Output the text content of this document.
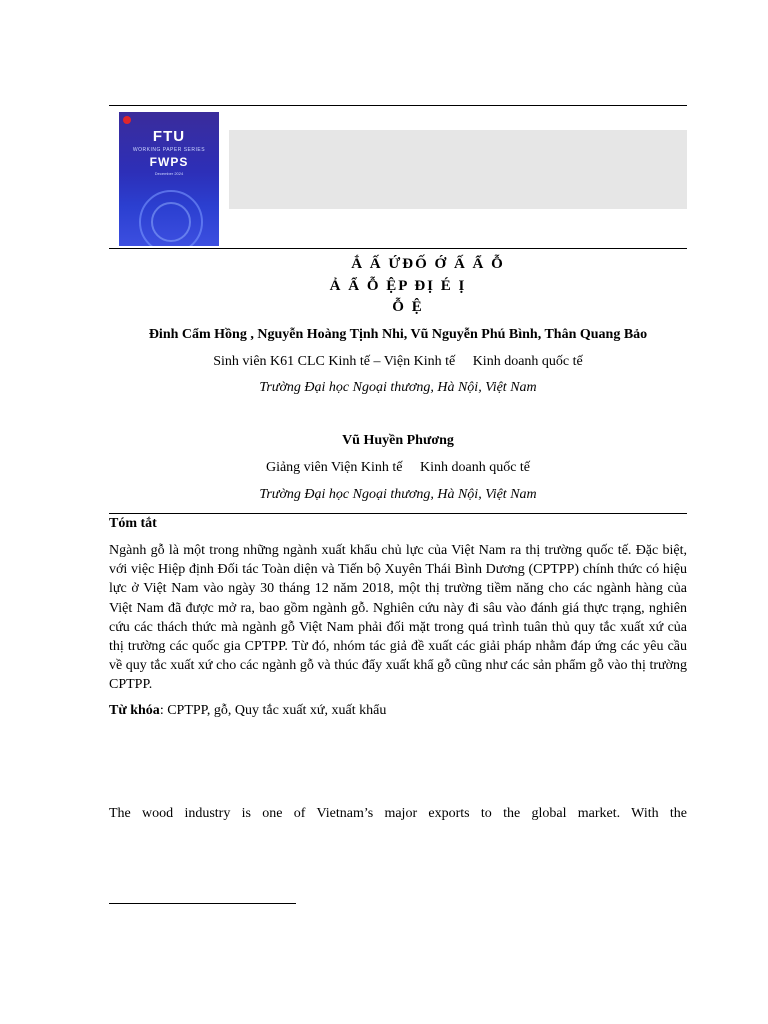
FTU
WORKING PAPER SERIES
FWPS
December 2024
Ắ Ấ ỨĐỐ Ớ Ấ Ẩ Ỗ
Ả Ẩ Ỗ ỆP ĐỊ É Ị
Ỗ Ệ
Đinh Cẩm Hồng , Nguyễn Hoàng Tịnh Nhi, Vũ Nguyễn Phú Bình, Thân Quang Bảo
Sinh viên K61 CLC Kinh tế – Viện Kinh tế     Kinh doanh quốc tế
Trường Đại học Ngoại thương, Hà Nội, Việt Nam
Vũ Huyền Phương
Giảng viên Viện Kinh tế     Kinh doanh quốc tế
Trường Đại học Ngoại thương, Hà Nội, Việt Nam
Tóm tắt
Ngành gỗ là một trong những ngành xuất khẩu chủ lực của Việt Nam ra thị trường quốc tế. Đặc biệt, với việc Hiệp định Đối tác Toàn diện và Tiến bộ Xuyên Thái Bình Dương (CPTPP) chính thức có hiệu lực ở Việt Nam vào ngày 30 tháng 12 năm 2018, một thị trường tiềm năng cho các ngành hàng của Việt Nam đã được mở ra, bao gồm ngành gỗ. Nghiên cứu này đi sâu vào đánh giá thực trạng, nghiên cứu các thách thức mà ngành gỗ Việt Nam phải đối mặt trong quá trình tuân thủ quy tắc xuất xứ của thị trường các quốc gia CPTPP. Từ đó, nhóm tác giả đề xuất các giải pháp nhằm đáp ứng các yêu cầu về quy tắc xuất xứ cho các ngành gỗ và thúc đẩy xuất khẩ gỗ cũng như các sản phẩm gỗ vào thị trường CPTPP.
Từ khóa: CPTPP, gỗ, Quy tắc xuất xứ, xuất khẩu
The wood industry is one of Vietnam’s major exports to the global market. With the
